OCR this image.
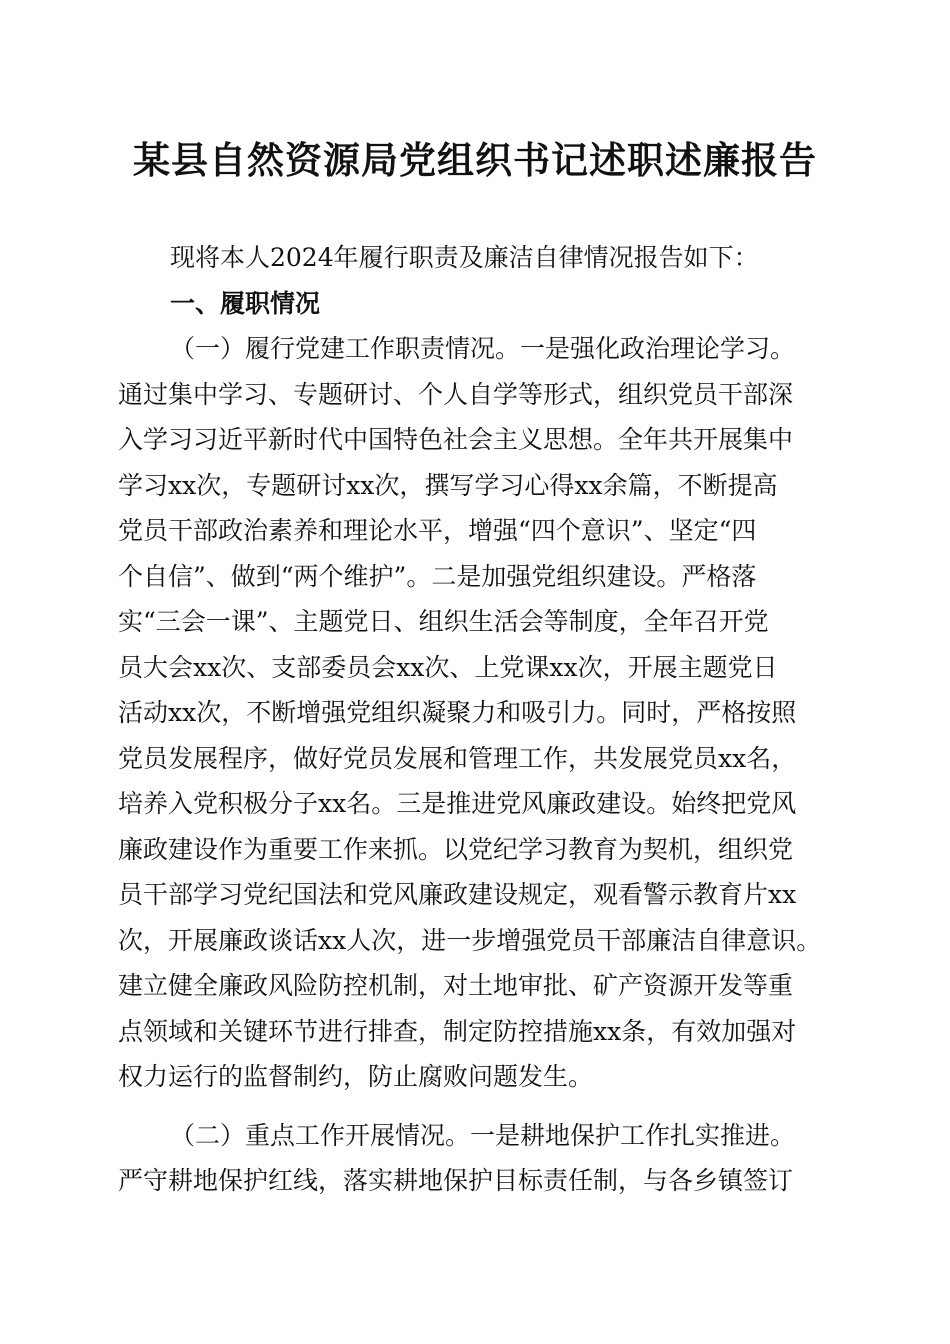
某县自然资源局党组织书记述职述廉报告
现将本人2024年履行职责及廉洁自律情况报告如下：
一、履职情况
（一）履行党建工作职责情况。一是强化政治理论学习。
通过集中学习、专题研讨、个人自学等形式，组织党员干部深
入学习习近平新时代中国特色社会主义思想。全年共开展集中
学习xx次，专题研讨xx次，撰写学习心得xx余篇，不断提高
党员干部政治素养和理论水平，增强“四个意识”、坚定“四
个自信”、做到“两个维护”。二是加强党组织建设。严格落
实“三会一课”、主题党日、组织生活会等制度，全年召开党
员大会xx次、支部委员会xx次、上党课xx次，开展主题党日
活动xx次，不断增强党组织凝聚力和吸引力。同时，严格按照
党员发展程序，做好党员发展和管理工作，共发展党员xx名，
培养入党积极分子xx名。三是推进党风廉政建设。始终把党风
廉政建设作为重要工作来抓。以党纪学习教育为契机，组织党
员干部学习党纪国法和党风廉政建设规定，观看警示教育片xx
次，开展廉政谈话xx人次，进一步增强党员干部廉洁自律意识。
建立健全廉政风险防控机制，对土地审批、矿产资源开发等重
点领域和关键环节进行排查，制定防控措施xx条，有效加强对
权力运行的监督制约，防止腐败问题发生。
（二）重点工作开展情况。一是耕地保护工作扎实推进。
严守耕地保护红线，落实耕地保护目标责任制，与各乡镇签订
